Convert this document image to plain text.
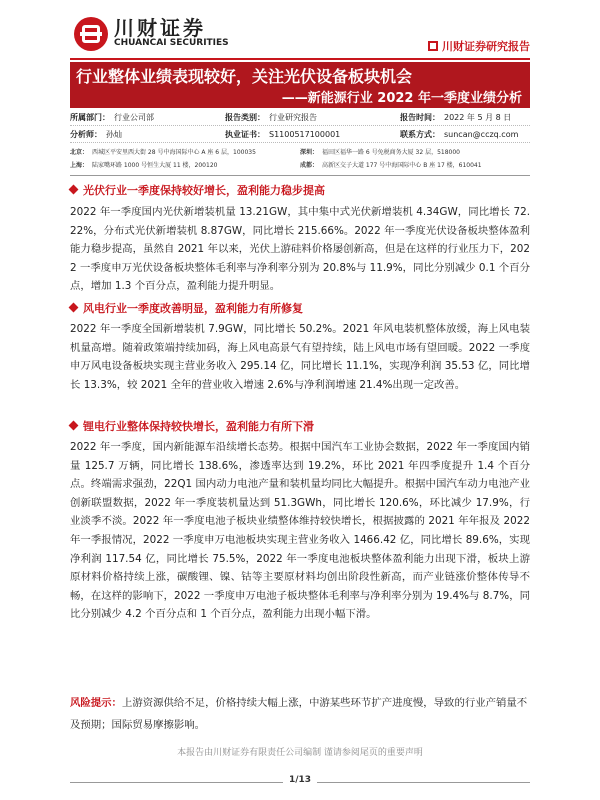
川财证券
CHUANCAI SECURITIES	川财证券研究报告
行业整体业绩表现较好，关注光伏设备板块机会
——新能源行业 2022 年一季度业绩分析
所属部门： 行业公司部	报告类别： 行业研究报告	报告时间： 2022 年 5 月 8 日
分析师： 孙灿	执业证书： S1100517100001	联系方式： suncan@cczq.com
北京： 西城区平安里西大街 28 号中海国际中心 A 座 6 层，100035	深圳： 福田区福华一路 6 号免税商务大厦 32 层，518000
上海： 陆家嘴环路 1000 号恒生大厦 11 楼，200120	成都： 高新区交子大道 177 号中海国际中心 B 座 17 楼，610041
光伏行业一季度保持较好增长，盈利能力稳步提高
2022 年一季度国内光伏新增装机量 13.21GW，其中集中式光伏新增装机 4.34GW，同比增长 72.22%，分布式光伏新增装机 8.87GW，同比增长 215.66%。2022 年一季度光伏设备板块整体盈利能力稳步提高，虽然自 2021 年以来，光伏上游硅料价格屡创新高，但是在这样的行业压力下，2022 一季度申万光伏设备板块整体毛利率与净利率分别为 20.8%与 11.9%，同比分别减少 0.1 个百分点，增加 1.3 个百分点，盈利能力提升明显。
风电行业一季度改善明显，盈利能力有所修复
2022 年一季度全国新增装机 7.9GW，同比增长 50.2%。2021 年风电装机整体放缓，海上风电装机量高增。随着政策端持续加码，海上风电高景气有望持续，陆上风电市场有望回暖。2022 一季度申万风电设备板块实现主营业务收入 295.14 亿，同比增长 11.1%，实现净利润 35.53 亿，同比增长 13.3%，较 2021 全年的营业收入增速 2.6%与净利润增速 21.4%出现一定改善。
锂电行业整体保持较快增长，盈利能力有所下滑
2022 年一季度，国内新能源车沿续增长态势。根据中国汽车工业协会数据，2022 年一季度国内销量 125.7 万辆，同比增长 138.6%，渗透率达到 19.2%，环比 2021 年四季度提升 1.4 个百分点。终端需求强劲，22Q1 国内动力电池产量和装机量均同比大幅提升。根据中国汽车动力电池产业创新联盟数据，2022 年一季度装机量达到 51.3GWh，同比增长 120.6%，环比减少 17.9%，行业淡季不淡。2022 年一季度电池子板块业绩整体维持较快增长，根据披露的 2021 年年报及 2022 年一季报情况，2022 一季度申万电池板块实现主营业务收入 1466.42 亿，同比增长 89.6%，实现净利润 117.54 亿，同比增长 75.5%，2022 年一季度电池板块整体盈利能力出现下滑，板块上游原材料价格持续上涨，碳酸锂、镍、钴等主要原材料均创出阶段性新高，而产业链涨价整体传导不畅，在这样的影响下，2022 一季度申万电池子板块整体毛利率与净利率分别为 19.4%与 8.7%，同比分别减少 4.2 个百分点和 1 个百分点，盈利能力出现小幅下滑。
风险提示：上游资源供给不足，价格持续大幅上涨，中游某些环节扩产进度慢，导致的行业产销量不及预期；国际贸易摩擦影响。
本报告由川财证券有限责任公司编制 谨请参阅尾页的重要声明
1/13
